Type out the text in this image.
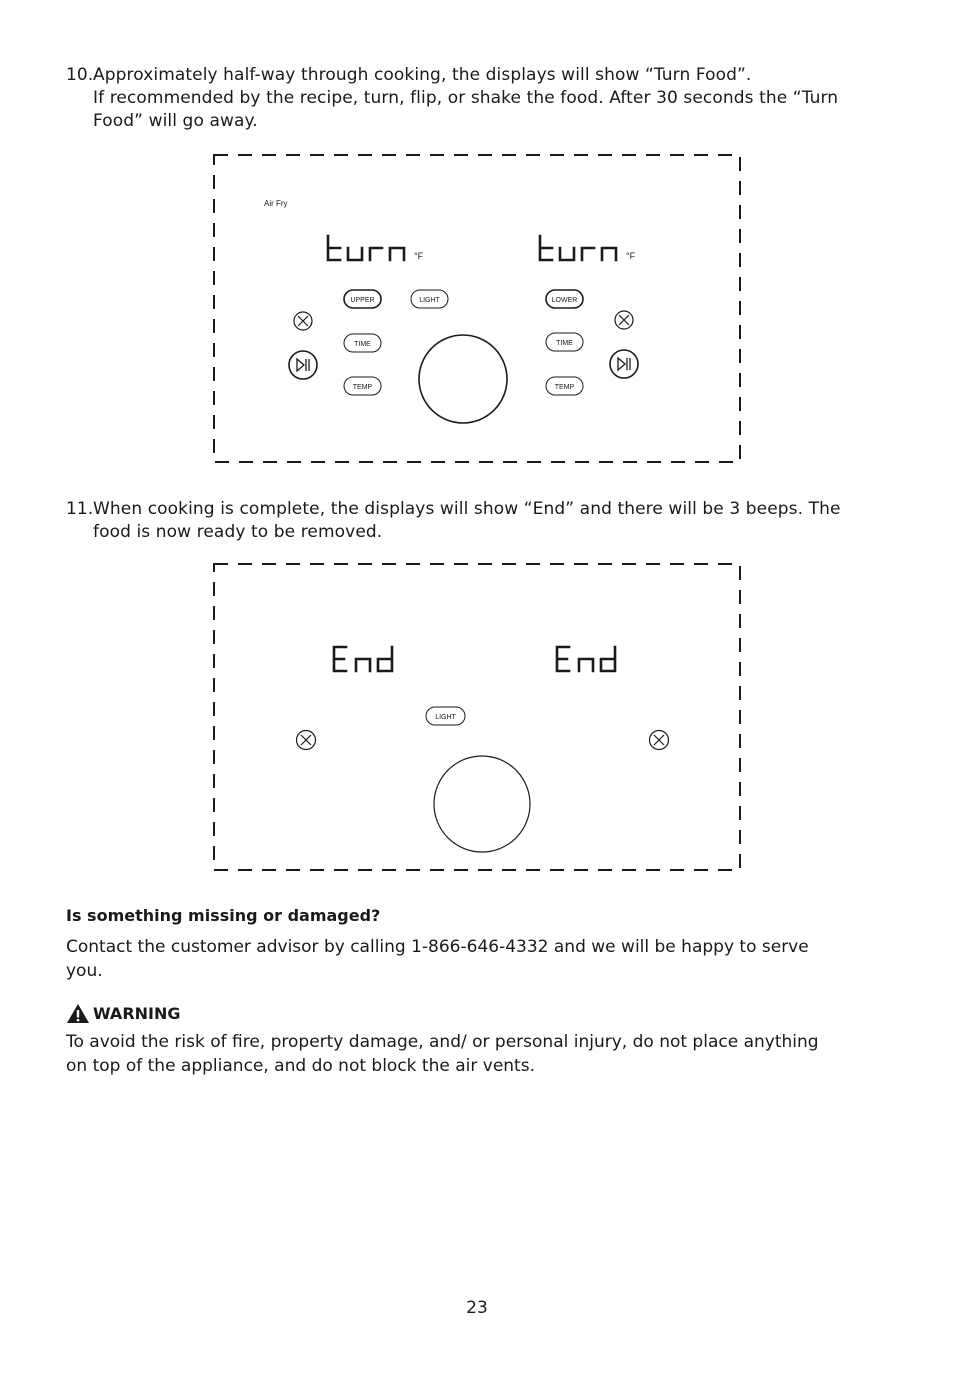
10. Approximately half-way through cooking, the displays will show “Turn Food”.
If recommended by the recipe, turn, flip, or shake the food. After 30 seconds the “Turn
Food” will go away.
Air Fry
°F	°F
UPPER	LIGHT	LOWER
TIME	TIME
TEMP	TEMP
11. When cooking is complete, the displays will show “End” and there will be 3 beeps. The
food is now ready to be removed.
LIGHT
Is something missing or damaged?
Contact the customer advisor by calling 1-866-646-4332 and we will be happy to serve
you.
WARNING
To avoid the risk of fire, property damage, and/ or personal injury, do not place anything
on top of the appliance, and do not block the air vents.
23
